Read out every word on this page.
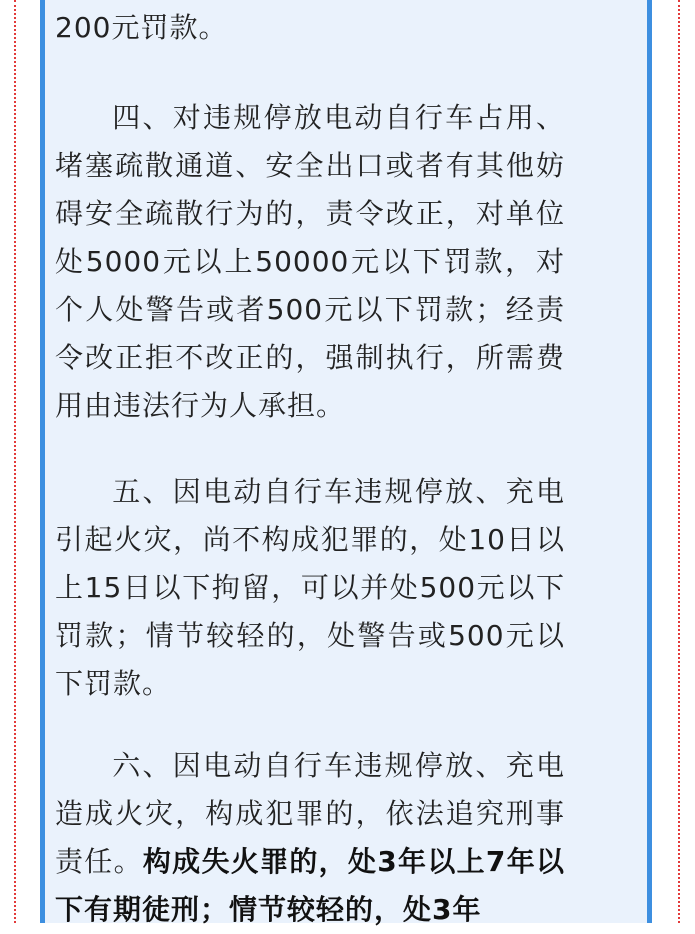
200元罚款。

四、对违规停放电动自行车占用、堵塞疏散通道、安全出口或者有其他妨碍安全疏散行为的，责令改正，对单位处5000元以上50000元以下罚款，对个人处警告或者500元以下罚款；经责令改正拒不改正的，强制执行，所需费用由违法行为人承担。

五、因电动自行车违规停放、充电引起火灾，尚不构成犯罪的，处10日以上15日以下拘留，可以并处500元以下罚款；情节较轻的，处警告或500元以下罚款。

六、因电动自行车违规停放、充电造成火灾，构成犯罪的，依法追究刑事责任。构成失火罪的，处3年以上7年以下有期徒刑；情节较轻的，处3年
